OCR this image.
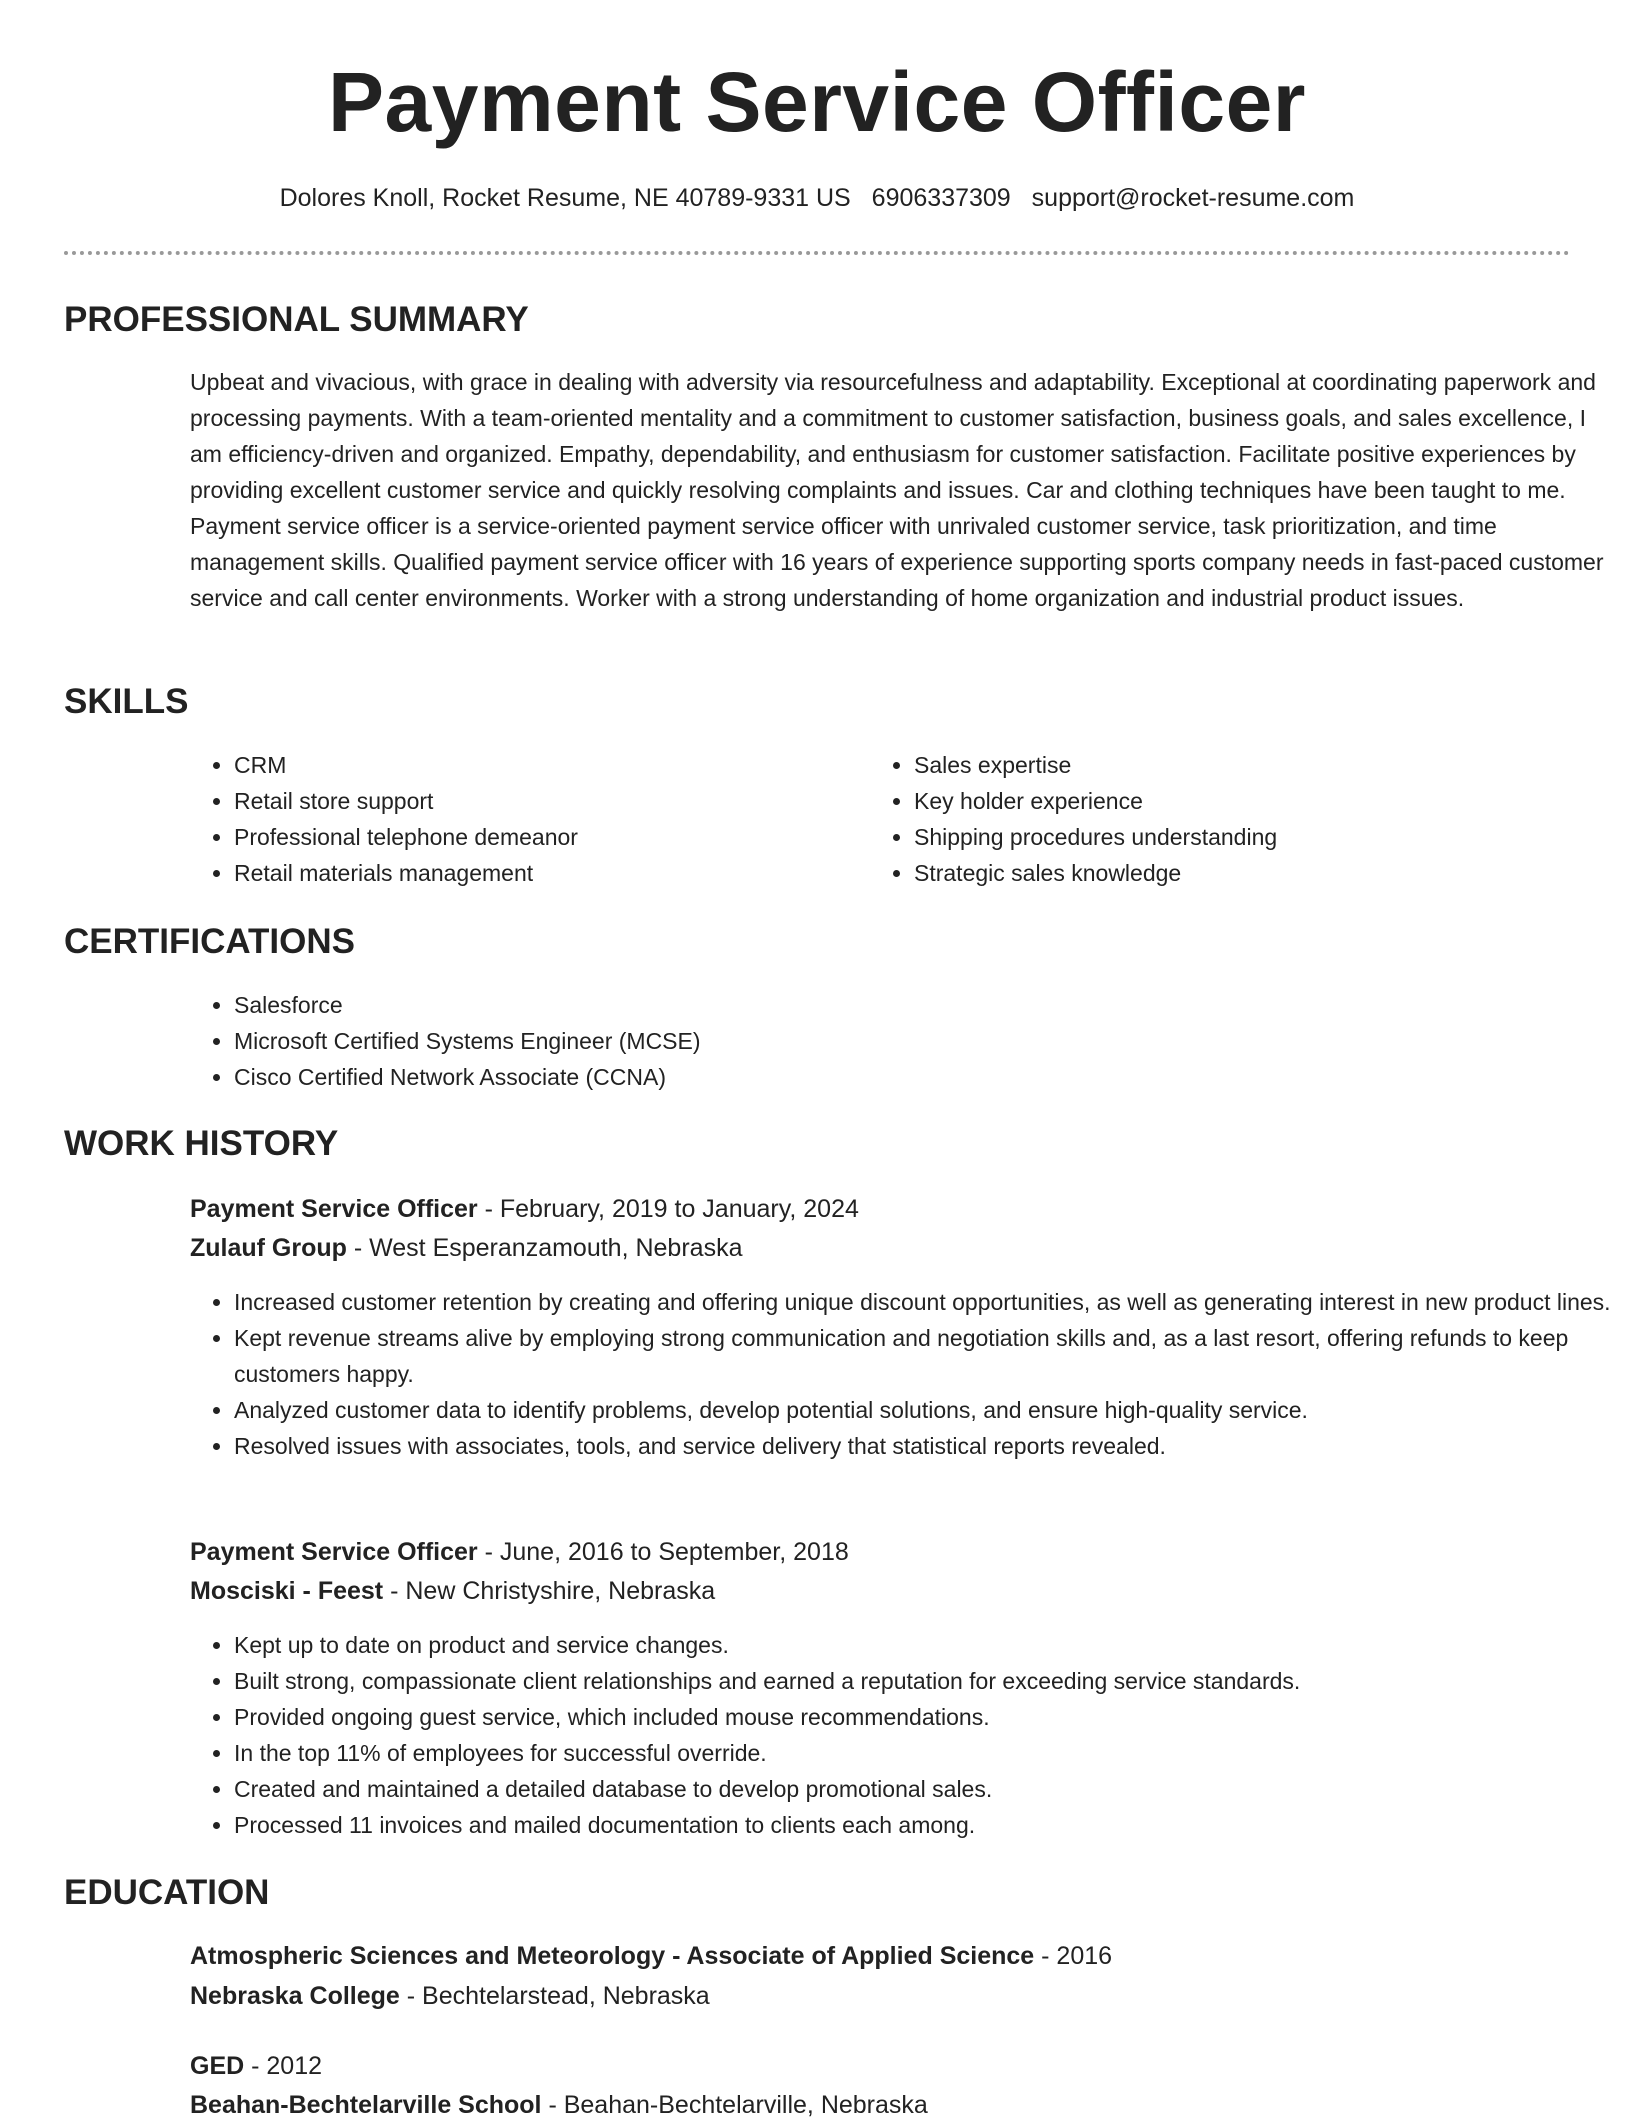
Payment Service Officer
Dolores Knoll, Rocket Resume, NE 40789-9331 US 6906337309 support@rocket-resume.com
PROFESSIONAL SUMMARY
Upbeat and vivacious, with grace in dealing with adversity via resourcefulness and adaptability. Exceptional at coordinating paperwork and processing payments. With a team-oriented mentality and a commitment to customer satisfaction, business goals, and sales excellence, I am efficiency-driven and organized. Empathy, dependability, and enthusiasm for customer satisfaction. Facilitate positive experiences by providing excellent customer service and quickly resolving complaints and issues. Car and clothing techniques have been taught to me. Payment service officer is a service-oriented payment service officer with unrivaled customer service, task prioritization, and time management skills. Qualified payment service officer with 16 years of experience supporting sports company needs in fast-paced customer service and call center environments. Worker with a strong understanding of home organization and industrial product issues.
SKILLS
• CRM
• Retail store support
• Professional telephone demeanor
• Retail materials management
• Sales expertise
• Key holder experience
• Shipping procedures understanding
• Strategic sales knowledge
CERTIFICATIONS
• Salesforce
• Microsoft Certified Systems Engineer (MCSE)
• Cisco Certified Network Associate (CCNA)
WORK HISTORY
Payment Service Officer - February, 2019 to January, 2024
Zulauf Group - West Esperanzamouth, Nebraska
• Increased customer retention by creating and offering unique discount opportunities, as well as generating interest in new product lines.
• Kept revenue streams alive by employing strong communication and negotiation skills and, as a last resort, offering refunds to keep customers happy.
• Analyzed customer data to identify problems, develop potential solutions, and ensure high-quality service.
• Resolved issues with associates, tools, and service delivery that statistical reports revealed.
Payment Service Officer - June, 2016 to September, 2018
Mosciski - Feest - New Christyshire, Nebraska
• Kept up to date on product and service changes.
• Built strong, compassionate client relationships and earned a reputation for exceeding service standards.
• Provided ongoing guest service, which included mouse recommendations.
• In the top 11% of employees for successful override.
• Created and maintained a detailed database to develop promotional sales.
• Processed 11 invoices and mailed documentation to clients each among.
EDUCATION
Atmospheric Sciences and Meteorology - Associate of Applied Science - 2016
Nebraska College - Bechtelarstead, Nebraska
GED - 2012
Beahan-Bechtelarville School - Beahan-Bechtelarville, Nebraska
